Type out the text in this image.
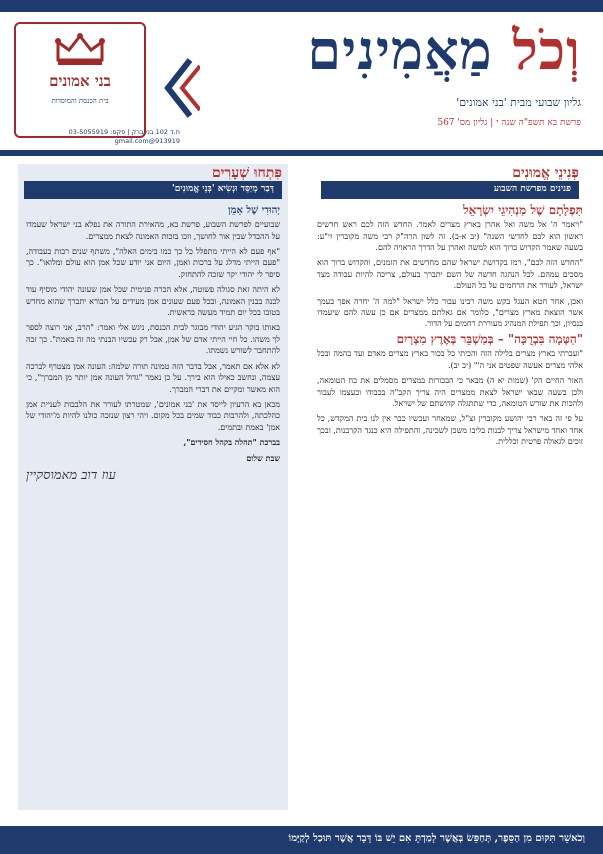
בני אמונים
בית הכנסת והמוסדות
ת.ד 102 בני ברק | פקס: 03-5055919
913919@gmail.com
וְכֹל מַאֲמִינִים
גליון שבועי מבית 'בני אמונים'
פרשת בא תשפ"ה שנה י | גליון מס' 567
פְּנִינֵי אֱמוּנִים
פנינים מפרשת השבוע
תִּפְלָתָם שֶׁל מַנְהִיגֵי יִשְׂרָאֵל

"ויאמר ה' אל משה ואל אהרן בארץ מצרים לאמר. החדש הזה לכם ראש חדשים ראשון הוא לכם לחדשי השנה" (יב א-ב). זה לשון הרה"ק רבי משה מקוברין זי"ע: בשעה שאמר הקדוש ברוך הוא למשה ואהרן על הדרך הראויה להם.

"החדש הזה לכם", רמז בקדושת ישראל שהם מחדשים את הזמנים, והקדוש ברוך הוא מסכים עמהם. לכל הנהגה חדשה של השם יתברך בעולם, צריכה להיות עבודה מצד ישראל, לעורר את הרחמים על כל העולם.

ואכן, אחר חטא העגל בקש משה רבינו עבור כלל ישראל "למה ה' יחרה אפך בעמך אשר הוצאת מארץ מצרים", כלומר אם גאלתם ממצרים אם כן עשה להם שיעמדו בנסיון, וכך תפילת המנהיג מעוררת רחמים על הדור.

"הַטְּמָה בִּבְרֻכָּה" – בְּמַשְׁבֵּר בְּאֶרֶץ מִצְרָיִם

"ועברתי בארץ מצרים בלילה הזה והכיתי כל בכור בארץ מצרים מאדם ועד בהמה ובכל אלהי מצרים אעשה שפטים אני ה'" (יב יב).

האור החיים הק' (שמות יא ה) מבאר כי הבכורות במצרים מסמלים את כח הטומאה, ולכן בשעה שבאו ישראל לצאת ממצרים היה צריך הקב"ה בכבודו ובעצמו לעבור ולהכות את שורש הטומאה, כדי שתתגלה קדושתם של ישראל.

על פי זה באר רבי יהושע מקוברין זצ"ל, שמאחר ועכשיו כבר אין לנו בית המקדש, כל אחד ואחד מישראל צריך לבנות בליבו משכן לשכינה, והתפילה היא כנגד הקרבנות, ובכך זוכים לגאולה פרטית וכללית.

פִּתְחוּ שְׁעָרִים
דְּבַר מְיַסֵּד וּנְשִׂיא 'בְּנֵי אֱמוּנִים'
יְהוּדִי שֶׁל אָמֵן

שבועיים לפרשת השבוע, פרשת בא, מהאירת התורה את נפלא בני ישראל שעמדו על ההבדל שבין אור לחושך, וזכו בזכות האמונה לצאת ממצרים.

"אף פעם לא הייתי מתפלל כל כך כמו בימים האלה", משתף שנים רבות בעבודה, "פעם הייתי מדלג על ברכות ואמן, היום אני יודע שכל אמן הוא עולם ומלואו". כך סיפר לי יהודי יקר שזכה להתחזק.

לא היתה זאת סגולה פשוטה, אלא הכרה פנימית שכל אמן שעונה יהודי מוסיף עוד לבנה בבנין האמונה, ובכל פעם שעונים אמן מעידים על הבורא יתברך שהוא מחדש בטובו בכל יום תמיד מעשה בראשית.

באותו בוקר הגיע יהודי מבוגר לבית הכנסת, ניגש אלי ואמר: "הרב, אני רוצה לספר לך משהו. כל חיי הייתי אדם של אמן, אבל רק עכשיו הבנתי מה זה באמת". כך זכה להתחבר לשורש נשמתו.

לא אלא אם תאמר, אבל בדבר הזה טמונה תורה שלמה: העונה אמן מצטרף לברכה עצמה, ונחשב כאילו הוא בירך. על כן נאמר "גדול העונה אמן יותר מן המברך", כי הוא מאשר ומקיים את דברי המברך.

מכאן בא הרעיון לייסד את 'בני אמונים', שמטרתו לעורר את הלבבות לעניית אמן כהלכתה, ולהרבות כבוד שמים בכל מקום. ויהי רצון שנזכה כולנו להיות מ'יהודי של אמן' באמת ובתמים.

בברכת "תהלה בקהל חסידים",
שבת שלום
עוז דוב מאמוסקיין
וְכֹאשֵׁר תִּקּוּם מִן הַסֵּפֶר, תְּחַפֵּשׂ בְּאֲשֶׁר לָמַדְתָּ אִם יֵשׁ בּוֹ דָּבָר אֲשֶׁר תּוּכַל לְקַיְּמוֹ
